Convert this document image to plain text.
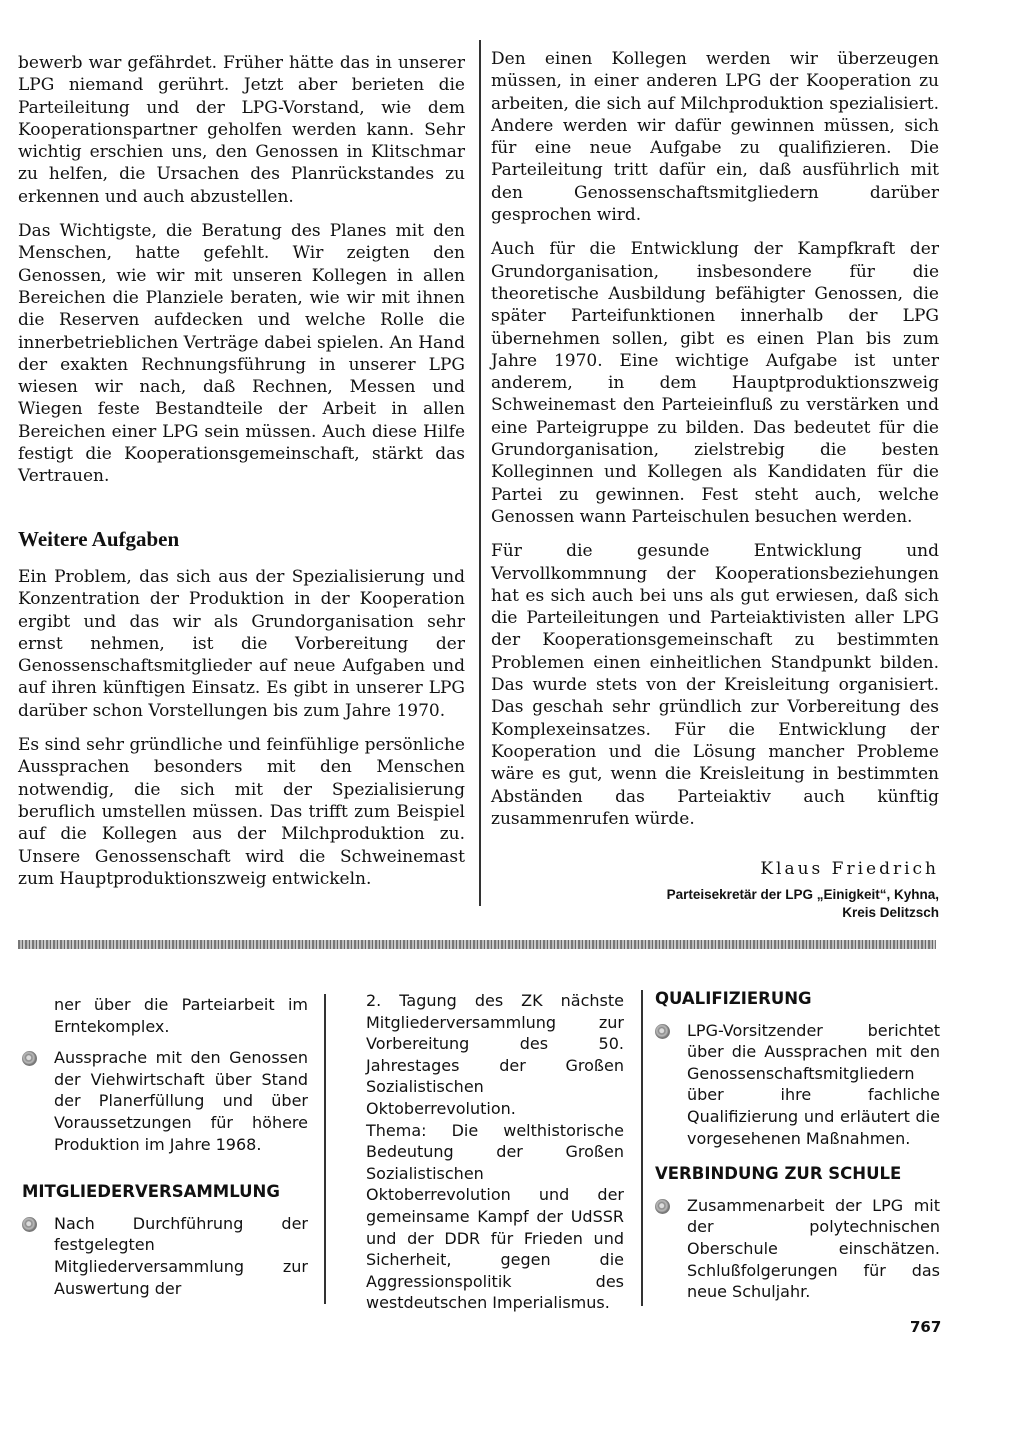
bewerb war gefährdet. Früher hätte das in unserer LPG niemand gerührt. Jetzt aber berieten die Parteileitung und der LPG-Vorstand, wie dem Kooperationspartner geholfen werden kann. Sehr wichtig erschien uns, den Genossen in Klitschmar zu helfen, die Ursachen des Planrückstandes zu erkennen und auch abzustellen.

Das Wichtigste, die Beratung des Planes mit den Menschen, hatte gefehlt. Wir zeigten den Genossen, wie wir mit unseren Kollegen in allen Bereichen die Planziele beraten, wie wir mit ihnen die Reserven aufdecken und welche Rolle die innerbetrieblichen Verträge dabei spielen. An Hand der exakten Rechnungsführung in unserer LPG wiesen wir nach, daß Rechnen, Messen und Wiegen feste Bestandteile der Arbeit in allen Bereichen einer LPG sein müssen. Auch diese Hilfe festigt die Kooperationsgemeinschaft, stärkt das Vertrauen.

Weitere Aufgaben

Ein Problem, das sich aus der Spezialisierung und Konzentration der Produktion in der Kooperation ergibt und das wir als Grundorganisation sehr ernst nehmen, ist die Vorbereitung der Genossenschaftsmitglieder auf neue Aufgaben und auf ihren künftigen Einsatz. Es gibt in unserer LPG darüber schon Vorstellungen bis zum Jahre 1970.

Es sind sehr gründliche und feinfühlige persönliche Aussprachen besonders mit den Menschen notwendig, die sich mit der Spezialisierung beruflich umstellen müssen. Das trifft zum Beispiel auf die Kollegen aus der Milchproduktion zu. Unsere Genossenschaft wird die Schweinemast zum Hauptproduktionszweig entwickeln.

Den einen Kollegen werden wir überzeugen müssen, in einer anderen LPG der Kooperation zu arbeiten, die sich auf Milchproduktion spezialisiert. Andere werden wir dafür gewinnen müssen, sich für eine neue Aufgabe zu qualifizieren. Die Parteileitung tritt dafür ein, daß ausführlich mit den Genossenschaftsmitgliedern darüber gesprochen wird.

Auch für die Entwicklung der Kampfkraft der Grundorganisation, insbesondere für die theoretische Ausbildung befähigter Genossen, die später Parteifunktionen innerhalb der LPG übernehmen sollen, gibt es einen Plan bis zum Jahre 1970. Eine wichtige Aufgabe ist unter anderem, in dem Hauptproduktionszweig Schweinemast den Parteieinfluß zu verstärken und eine Parteigruppe zu bilden. Das bedeutet für die Grundorganisation, zielstrebig die besten Kolleginnen und Kollegen als Kandidaten für die Partei zu gewinnen. Fest steht auch, welche Genossen wann Parteischulen besuchen werden.

Für die gesunde Entwicklung und Vervollkommnung der Kooperationsbeziehungen hat es sich auch bei uns als gut erwiesen, daß sich die Parteileitungen und Parteiaktivisten aller LPG der Kooperationsgemeinschaft zu bestimmten Problemen einen einheitlichen Standpunkt bilden. Das wurde stets von der Kreisleitung organisiert. Das geschah sehr gründlich zur Vorbereitung des Komplexeinsatzes. Für die Entwicklung der Kooperation und die Lösung mancher Probleme wäre es gut, wenn die Kreisleitung in bestimmten Abständen das Parteiaktiv auch künftig zusammenrufen würde.

Klaus Friedrich
Parteisekretär der LPG „Einigkeit“, Kyhna,
Kreis Delitzsch

ner über die Parteiarbeit im Erntekomplex.

Aussprache mit den Genossen der Viehwirtschaft über Stand der Planerfüllung und über Voraussetzungen für höhere Produktion im Jahre 1968.
MITGLIEDERVERSAMMLUNG
Nach Durchführung der festgelegten Mitgliederversammlung zur Auswertung der

2. Tagung des ZK nächste Mitgliederversammlung zur Vorbereitung des 50. Jahrestages der Großen Sozialistischen Oktoberrevolution.

Thema: Die welthistorische Bedeutung der Großen Sozialistischen Oktoberrevolution und der gemeinsame Kampf der UdSSR und der DDR für Frieden und Sicherheit, gegen die Aggressionspolitik des westdeutschen Imperialismus.

QUALIFIZIERUNG
LPG-Vorsitzender berichtet über die Aussprachen mit den Genossenschaftsmitgliedern über ihre fachliche Qualifizierung und erläutert die vorgesehenen Maßnahmen.
VERBINDUNG ZUR SCHULE
Zusammenarbeit der LPG mit der polytechnischen Oberschule einschätzen. Schlußfolgerungen für das neue Schuljahr.
767
